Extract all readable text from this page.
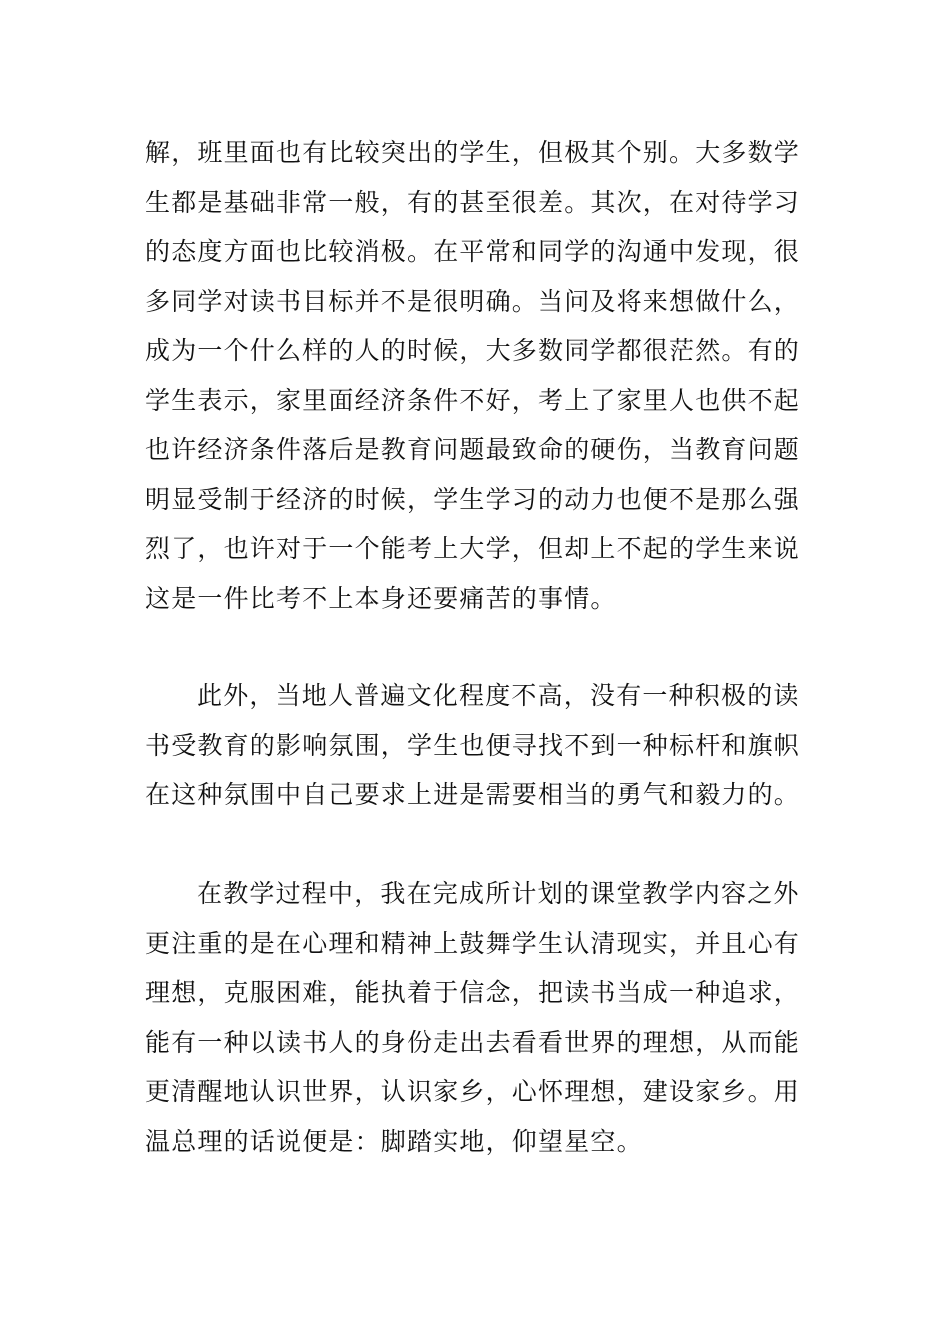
解，班里面也有比较突出的学生，但极其个别。大多数学
生都是基础非常一般，有的甚至很差。其次，在对待学习
的态度方面也比较消极。在平常和同学的沟通中发现，很
多同学对读书目标并不是很明确。当问及将来想做什么，
成为一个什么样的人的时候，大多数同学都很茫然。有的
学生表示，家里面经济条件不好，考上了家里人也供不起
也许经济条件落后是教育问题最致命的硬伤，当教育问题
明显受制于经济的时候，学生学习的动力也便不是那么强
烈了，也许对于一个能考上大学，但却上不起的学生来说
这是一件比考不上本身还要痛苦的事情。
此外，当地人普遍文化程度不高，没有一种积极的读
书受教育的影响氛围，学生也便寻找不到一种标杆和旗帜
在这种氛围中自己要求上进是需要相当的勇气和毅力的。
在教学过程中，我在完成所计划的课堂教学内容之外
更注重的是在心理和精神上鼓舞学生认清现实，并且心有
理想，克服困难，能执着于信念，把读书当成一种追求，
能有一种以读书人的身份走出去看看世界的理想，从而能
更清醒地认识世界，认识家乡，心怀理想，建设家乡。用
温总理的话说便是：脚踏实地，仰望星空。
